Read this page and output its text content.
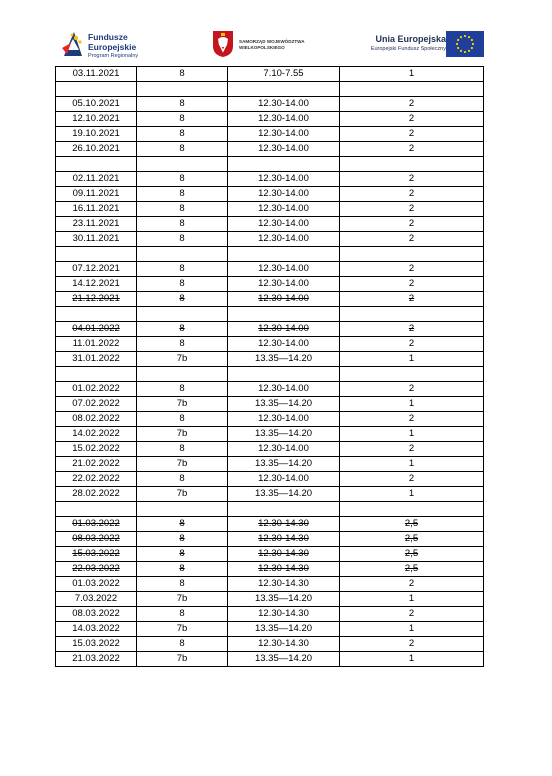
Fundusze
Europejskie
Program Regionalny
SAMORZĄD WOJEWÓDZTWA
WIELKOPOLSKIEGO
Unia Europejska
Europejski Fundusz Społeczny
03.11.2021	8	7.10-7.55	1

05.10.2021	8	12.30-14.00	2
12.10.2021	8	12.30-14.00	2
19.10.2021	8	12.30-14.00	2
26.10.2021	8	12.30-14.00	2

02.11.2021	8	12.30-14.00	2
09.11.2021	8	12.30-14.00	2
16.11.2021	8	12.30-14.00	2
23.11.2021	8	12.30-14.00	2
30.11.2021	8	12.30-14.00	2

07.12.2021	8	12.30-14.00	2
14.12.2021	8	12.30-14.00	2
21.12.2021	8	12.30-14.00	2

04.01.2022	8	12.30-14.00	2
11.01.2022	8	12.30-14.00	2
31.01.2022	7b	13.35—14.20	1

01.02.2022	8	12.30-14.00	2
07.02.2022	7b	13.35—14.20	1
08.02.2022	8	12.30-14.00	2
14.02.2022	7b	13.35—14.20	1
15.02.2022	8	12.30-14.00	2
21.02.2022	7b	13.35—14.20	1
22.02.2022	8	12.30-14.00	2
28.02.2022	7b	13.35—14.20	1

01.03.2022	8	12.30-14.30	2,5
08.03.2022	8	12.30-14.30	2,5
15.03.2022	8	12.30-14.30	2,5
22.03.2022	8	12.30-14.30	2,5
01.03.2022	8	12.30-14.30	2
7.03.2022	7b	13.35—14.20	1
08.03.2022	8	12.30-14.30	2
14.03.2022	7b	13.35—14.20	1
15.03.2022	8	12.30-14.30	2
21.03.2022	7b	13.35—14.20	1
